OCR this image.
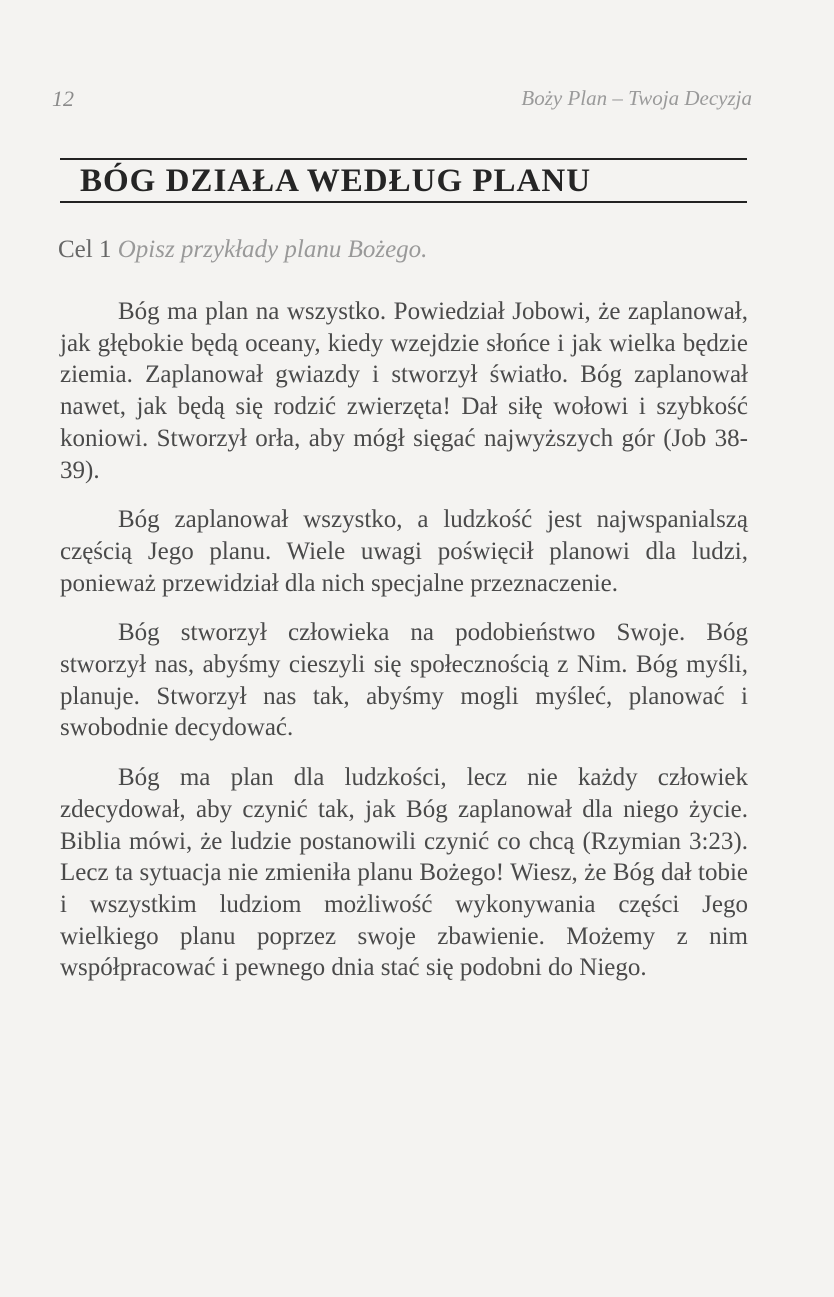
12	Boży Plan – Twoja Decyzja
BÓG DZIAŁA WEDŁUG PLANU
Cel 1 Opisz przykłady planu Bożego.

Bóg ma plan na wszystko. Powiedział Jobowi, że zaplanował, jak głębokie będą oceany, kiedy wzejdzie słońce i jak wielka będzie ziemia. Zaplanował gwiazdy i stworzył światło. Bóg zaplanował nawet, jak będą się rodzić zwierzęta! Dał siłę wołowi i szybkość koniowi. Stworzył orła, aby mógł sięgać najwyższych gór (Job 38-39).

Bóg zaplanował wszystko, a ludzkość jest najwspanialszą częścią Jego planu. Wiele uwagi poświęcił planowi dla ludzi, ponieważ przewidział dla nich specjalne przeznaczenie.

Bóg stworzył człowieka na podobieństwo Swoje. Bóg stworzył nas, abyśmy cieszyli się społecznością z Nim. Bóg myśli, planuje. Stworzył nas tak, abyśmy mogli myśleć, planować i swobodnie decydować.

Bóg ma plan dla ludzkości, lecz nie każdy człowiek zdecydował, aby czynić tak, jak Bóg zaplanował dla niego życie. Biblia mówi, że ludzie postanowili czynić co chcą (Rzymian 3:23). Lecz ta sytuacja nie zmieniła planu Bożego! Wiesz, że Bóg dał tobie i wszystkim ludziom możliwość wykonywania części Jego wielkiego planu poprzez swoje zbawienie. Możemy z nim współpracować i pewnego dnia stać się podobni do Niego.
